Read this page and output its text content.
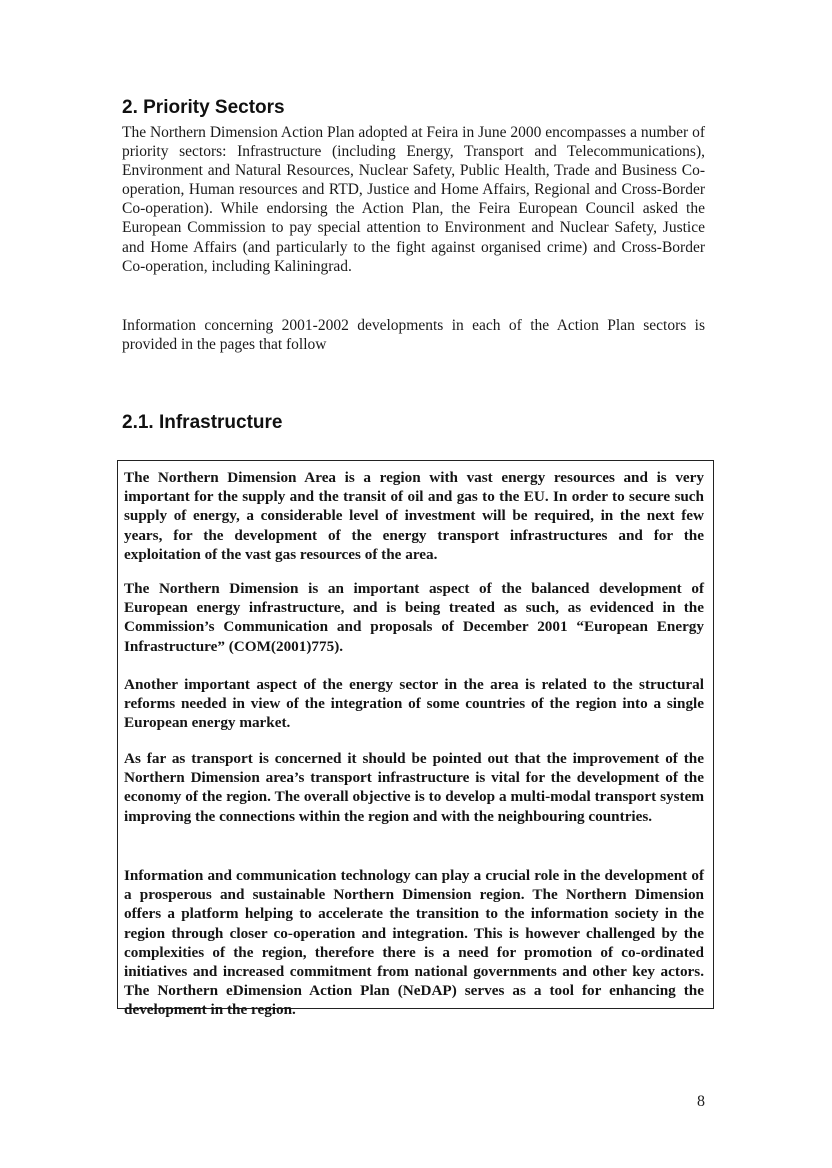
2. Priority Sectors

The Northern Dimension Action Plan adopted at Feira in June 2000 encompasses a number of priority sectors: Infrastructure (including Energy, Transport and Telecommunications), Environment and Natural Resources, Nuclear Safety, Public Health, Trade and Business Co-operation, Human resources and RTD, Justice and Home Affairs, Regional and Cross-Border Co-operation). While endorsing the Action Plan, the Feira European Council asked the European Commission to pay special attention to Environment and Nuclear Safety, Justice and Home Affairs (and particularly to the fight against organised crime) and Cross-Border Co-operation, including Kaliningrad.

Information concerning 2001-2002 developments in each of the Action Plan sectors is provided in the pages that follow

2.1. Infrastructure

The Northern Dimension Area is a region with vast energy resources and is very important for the supply and the transit of oil and gas to the EU. In order to secure such supply of energy, a considerable level of investment will be required, in the next few years, for the development of the energy transport infrastructures and for the exploitation of the vast gas resources of the area.

The Northern Dimension is an important aspect of the balanced development of European energy infrastructure, and is being treated as such, as evidenced in the Commission’s Communication and proposals of December 2001 “European Energy Infrastructure” (COM(2001)775).

Another important aspect of the energy sector in the area is related to the structural reforms needed in view of the integration of some countries of the region into a single European energy market.

As far as transport is concerned it should be pointed out that the improvement of the Northern Dimension area’s transport infrastructure is vital for the development of the economy of the region. The overall objective is to develop a multi-modal transport system improving the connections within the region and with the neighbouring countries.

Information and communication technology can play a crucial role in the development of a prosperous and sustainable Northern Dimension region. The Northern Dimension offers a platform helping to accelerate the transition to the information society in the region through closer co-operation and integration. This is however challenged by the complexities of the region, therefore there is a need for promotion of co-ordinated initiatives and increased commitment from national governments and other key actors. The Northern eDimension Action Plan (NeDAP) serves as a tool for enhancing the development in the region.

8
